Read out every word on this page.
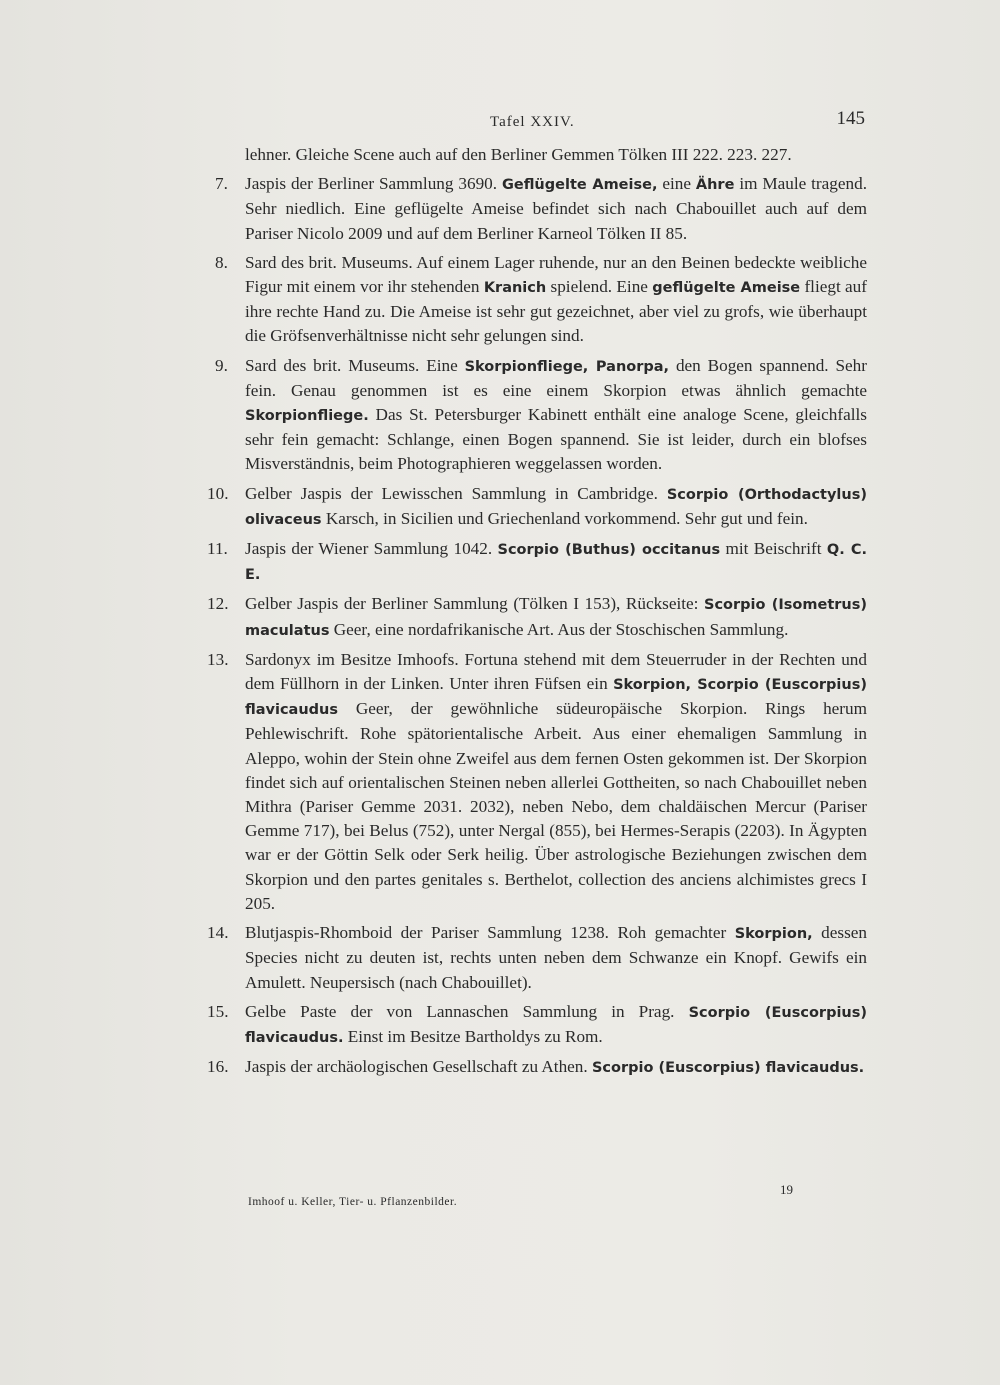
Tafel XXIV.	145
lehner. Gleiche Scene auch auf den Berliner Gemmen Tölken III 222. 223. 227.
7. Jaspis der Berliner Sammlung 3690. Geflügelte Ameise, eine Ähre im Maule tragend. Sehr niedlich. Eine geflügelte Ameise befindet sich nach Chabouillet auch auf dem Pariser Nicolo 2009 und auf dem Berliner Karneol Tölken II 85.
8. Sard des brit. Museums. Auf einem Lager ruhende, nur an den Beinen bedeckte weibliche Figur mit einem vor ihr stehenden Kranich spielend. Eine geflügelte Ameise fliegt auf ihre rechte Hand zu. Die Ameise ist sehr gut gezeichnet, aber viel zu grofs, wie überhaupt die Gröfsenverhältnisse nicht sehr gelungen sind.
9. Sard des brit. Museums. Eine Skorpionfliege, Panorpa, den Bogen spannend. Sehr fein. Genau genommen ist es eine einem Skorpion etwas ähnlich gemachte Skorpionfliege. Das St. Petersburger Kabinett enthält eine analoge Scene, gleichfalls sehr fein gemacht: Schlange, einen Bogen spannend. Sie ist leider, durch ein blofses Misverständnis, beim Photographieren weggelassen worden.
10. Gelber Jaspis der Lewisschen Sammlung in Cambridge. Scorpio (Orthodactylus) olivaceus Karsch, in Sicilien und Griechenland vorkommend. Sehr gut und fein.
11. Jaspis der Wiener Sammlung 1042. Scorpio (Buthus) occitanus mit Beischrift Q. C. E.
12. Gelber Jaspis der Berliner Sammlung (Tölken I 153), Rückseite: Scorpio (Isometrus) maculatus Geer, eine nordafrikanische Art. Aus der Stoschischen Sammlung.
13. Sardonyx im Besitze Imhoofs. Fortuna stehend mit dem Steuerruder in der Rechten und dem Füllhorn in der Linken. Unter ihren Füfsen ein Skorpion, Scorpio (Euscorpius) flavicaudus Geer, der gewöhnliche südeuropäische Skorpion. Rings herum Pehlewischrift. Rohe spätorientalische Arbeit. Aus einer ehemaligen Sammlung in Aleppo, wohin der Stein ohne Zweifel aus dem fernen Osten gekommen ist. Der Skorpion findet sich auf orientalischen Steinen neben allerlei Gottheiten, so nach Chabouillet neben Mithra (Pariser Gemme 2031. 2032), neben Nebo, dem chaldäischen Mercur (Pariser Gemme 717), bei Belus (752), unter Nergal (855), bei Hermes-Serapis (2203). In Ägypten war er der Göttin Selk oder Serk heilig. Über astrologische Beziehungen zwischen dem Skorpion und den partes genitales s. Berthelot, collection des anciens alchimistes grecs I 205.
14. Blutjaspis-Rhomboid der Pariser Sammlung 1238. Roh gemachter Skorpion, dessen Species nicht zu deuten ist, rechts unten neben dem Schwanze ein Knopf. Gewifs ein Amulett. Neupersisch (nach Chabouillet).
15. Gelbe Paste der von Lannaschen Sammlung in Prag. Scorpio (Euscorpius) flavicaudus. Einst im Besitze Bartholdys zu Rom.
16. Jaspis der archäologischen Gesellschaft zu Athen. Scorpio (Euscorpius) flavicaudus.
Imhoof u. Keller, Tier- u. Pflanzenbilder.
19
